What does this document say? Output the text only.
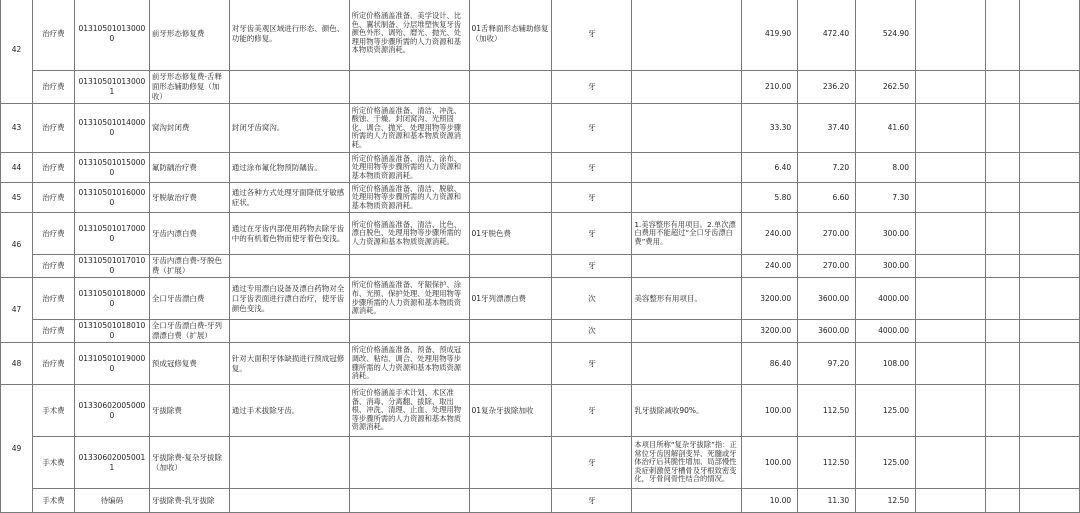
42	治疗费	013105010130000	前牙形态修复费	对牙齿美观区域进行形态、颜色、功能的修复。	所定价格涵盖准备、美学设计、比色、翼状制备、分层堆塑恢复牙齿颜色外形、调殆、磨光、抛光、处理用物等步骤所需的人力资源和基本物质资源消耗。	01舌释面形态辅助修复（加收）	牙		419.90	472.40	524.90			
	治疗费	013105010130001	前牙形态修复费-舌释面形态辅助修复（加收）				牙		210.00	236.20	262.50			
43	治疗费	013105010140000	窝沟封闭费	封闭牙齿窝沟。	所定价格涵盖准备、清洁、冲洗、酸蚀、干燥、封闭窝沟、光照固化、调合、抛光、处理用物等步骤所需的人力资源和基本物质资源消耗。		牙		33.30	37.40	41.60			
44	治疗费	013105010150000	氟防龋治疗费	通过涂布氟化物预防龋齿。	所定价格涵盖准备、清洁、涂布、处理用物等步骤所需的人力资源和基本物质资源消耗。		牙		6.40	7.20	8.00			
45	治疗费	013105010160000	牙脱敏治疗费	通过各种方式处理牙面降低牙敏感症状。	所定价格涵盖准备、清洁、脱敏、处理用物等步骤所需的人力资源和基本物质资源消耗。		牙		5.80	6.60	7.30			
46	治疗费	013105010170000	牙齿内漂白费	通过在牙齿内部使用药物去除牙齿中的有机着色物而使牙着色变浅。	所定价格涵盖准备、清洁、比色、漂白脱色、处理用物等步骤所需的人力资源和基本物质资源消耗。	01牙脱色费	牙	1.美容整形有用项目。2.单次漂白费用不能超过“全口牙齿漂白费”费用。	240.00	270.00	300.00			
	治疗费	013105010170100	牙齿内漂白费-牙脱色费（扩展）				牙		240.00	270.00	300.00			
47	治疗费	013105010180000	全口牙齿漂白费	通过专用漂白设备及漂白药物对全口牙齿表面进行漂白治疗，使牙齿颜色变浅。	所定价格涵盖准备、牙龈保护、涂布、光照、保护处理、处理用物等步骤所需的人力资源和基本物质资源消耗。	01牙列漂漂白费	次	美容整形有用项目。	3200.00	3600.00	4000.00			
	治疗费	013105010180100	全口牙齿漂白费-牙列漂漂白费（扩展）				次		3200.00	3600.00	4000.00			
48	治疗费	013105010190000	预成冠修复费	针对大面积牙体缺损进行预成冠修复。	所定价格涵盖准备、预备、预成冠调改、粘结、调合、处理用物等步骤所需的人力资源和基本物质资源消耗。		牙		86.40	97.20	108.00			
49	手术费	013306020050000	牙拔除费	通过手术拔除牙齿。	所定价格涵盖手术计划、术区准备、消毒、分离翻、拔除、取出根、冲洗、清理、止血、处理用物等步骤所需的人力资源和基本物质资源消耗。	01复杂牙拔除加收	牙	乳牙拔除减收90%。	100.00	112.50	125.00			
	手术费	013306020050011	牙拔除费-复杂牙拔除（加收）				牙	本项目所称“复杂牙拔除”指：正常位牙齿因解剖变异、死髓或牙体治疗后其脆性增加、局部慢性炎症刺激使牙槽骨及牙根致密变化，牙骨间骨性结合的情况。	100.00	112.50	125.00			
	手术费	待编码	牙拔除费-乳牙拔除				牙		10.00	11.30	12.50			
